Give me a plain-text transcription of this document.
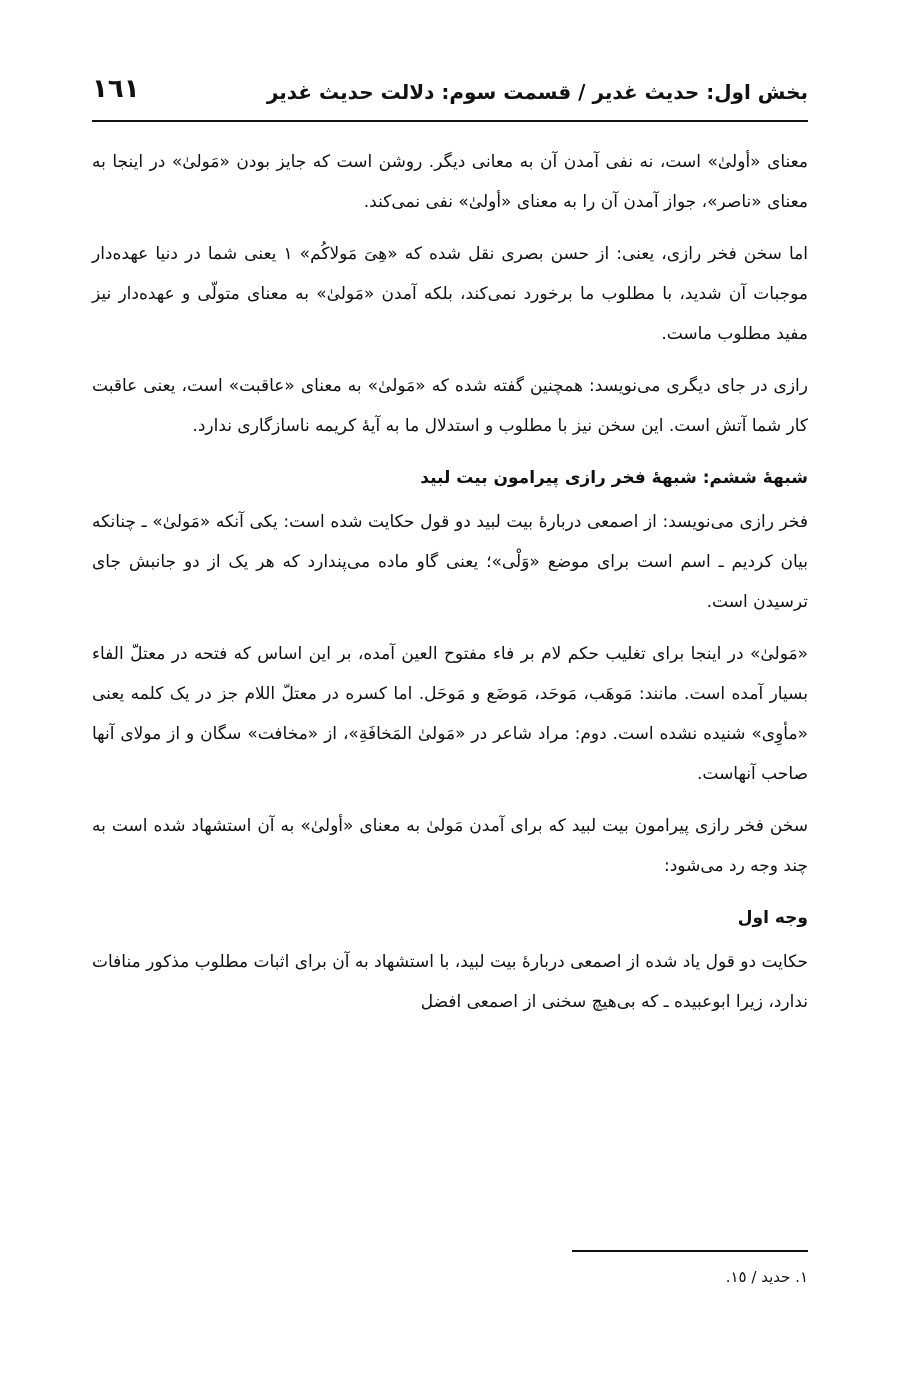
بخش اول: حدیث غدیر / قسمت سوم: دلالت حدیث غدیر
١٦١

معنای «أولیٰ» است، نه نفی آمدن آن به معانی دیگر. روشن است که جایز بودن «مَولیٰ» در اینجا به معنای «ناصر»، جواز آمدن آن را به معنای «أولیٰ» نفی نمی‌کند.

اما سخن فخر رازی، یعنی: از حسن بصری نقل شده که «هِیَ مَولاکُم» ١ یعنی شما در دنیا عهده‌دار موجبات آن شدید، با مطلوب ما برخورد نمی‌کند، بلکه آمدن «مَولیٰ» به معنای متولّی و عهده‌دار نیز مفید مطلوب ماست.

رازی در جای دیگری می‌نویسد: همچنین گفته شده که «مَولیٰ» به معنای «عاقبت» است، یعنی عاقبت کار شما آتش است. این سخن نیز با مطلوب و استدلال ما به آیهٔ کریمه ناسازگاری ندارد.

شبههٔ ششم: شبههٔ فخر رازی پیرامون بیت لبید

فخر رازی می‌نویسد: از اصمعی دربارهٔ بیت لبید دو قول حکایت شده است: یکی آنکه «مَولیٰ» ـ چنانکه بیان کردیم ـ اسم است برای موضع «وَلْی»؛ یعنی گاو ماده می‌پندارد که هر یک از دو جانبش جای ترسیدن است.

«مَولیٰ» در اینجا برای تغلیب حکم لام بر فاء مفتوح العین آمده، بر این اساس که فتحه در معتلّ الفاء بسیار آمده است. مانند: مَوهَب، مَوحَد، مَوضَع و مَوحَل. اما کسره در معتلّ اللام جز در یک کلمه یعنی «مأوِی» شنیده نشده است. دوم: مراد شاعر در «مَولیٰ المَخافَةِ»، از «مخافت» سگان و از مولای آنها صاحب آنهاست.

سخن فخر رازی پیرامون بیت لبید که برای آمدن مَولیٰ به معنای «أولیٰ» به آن استشهاد شده است به چند وجه رد می‌شود:

وجه اول

حکایت دو قول یاد شده از اصمعی دربارهٔ بیت لبید، با استشهاد به آن برای اثبات مطلوب مذکور منافات ندارد، زیرا ابوعبیده ـ که بی‌هیچ سخنی از اصمعی افضل

١. حدید / ١٥.
